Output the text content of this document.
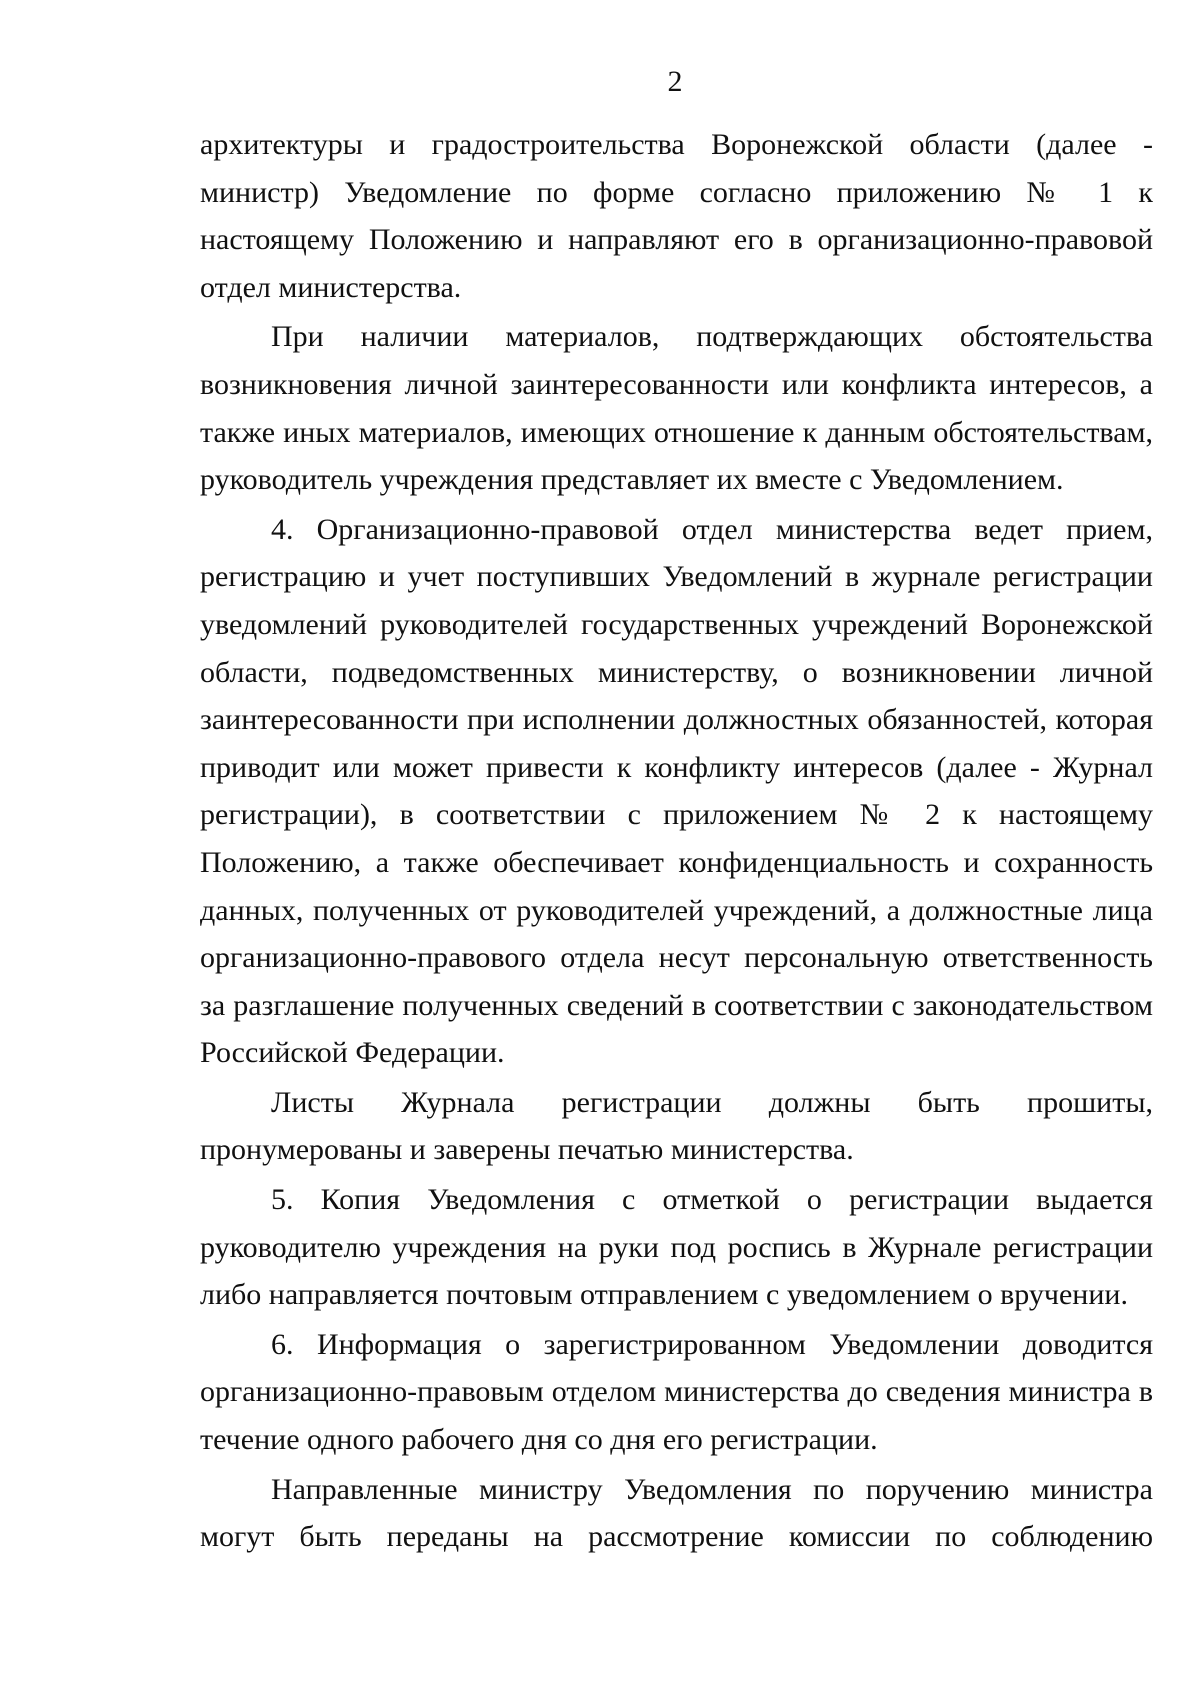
2

архитектуры и градостроительства Воронежской области (далее - министр) Уведомление по форме согласно приложению № 1 к настоящему Положению и направляют его в организационно-правовой отдел министерства.

При наличии материалов, подтверждающих обстоятельства возникновения личной заинтересованности или конфликта интересов, а также иных материалов, имеющих отношение к данным обстоятельствам, руководитель учреждения представляет их вместе с Уведомлением.

4. Организационно-правовой отдел министерства ведет прием, регистрацию и учет поступивших Уведомлений в журнале регистрации уведомлений руководителей государственных учреждений Воронежской области, подведомственных министерству, о возникновении личной заинтересованности при исполнении должностных обязанностей, которая приводит или может привести к конфликту интересов (далее - Журнал регистрации), в соответствии с приложением № 2 к настоящему Положению, а также обеспечивает конфиденциальность и сохранность данных, полученных от руководителей учреждений, а должностные лица организационно-правового отдела несут персональную ответственность за разглашение полученных сведений в соответствии с законодательством Российской Федерации.

Листы Журнала регистрации должны быть прошиты, пронумерованы и заверены печатью министерства.

5. Копия Уведомления с отметкой о регистрации выдается руководителю учреждения на руки под роспись в Журнале регистрации либо направляется почтовым отправлением с уведомлением о вручении.

6. Информация о зарегистрированном Уведомлении доводится организационно-правовым отделом министерства до сведения министра в течение одного рабочего дня со дня его регистрации.

Направленные министру Уведомления по поручению министра могут быть переданы на рассмотрение комиссии по соблюдению
